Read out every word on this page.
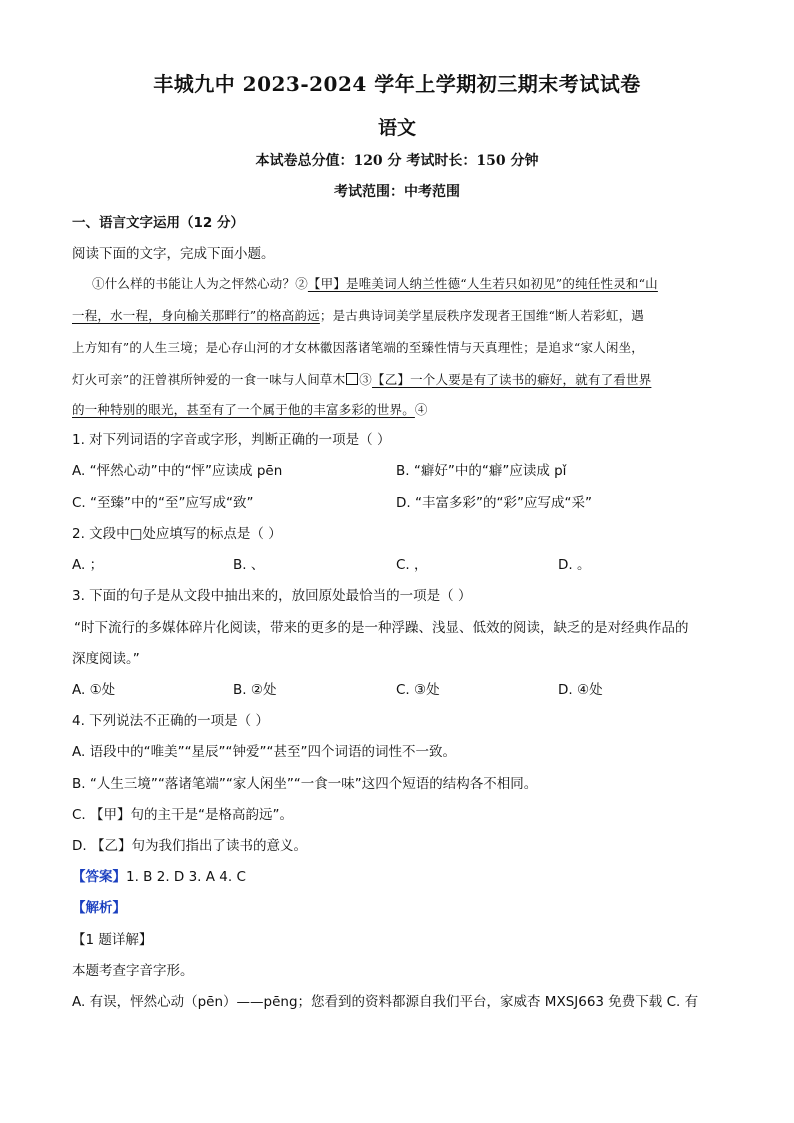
丰城九中 2023-2024 学年上学期初三期末考试试卷
语文
本试卷总分值：120 分 考试时长：150 分钟
考试范围：中考范围
一、语言文字运用（12 分）
阅读下面的文字，完成下面小题。
①什么样的书能让人为之怦然心动？②【甲】是唯美词人纳兰性德“人生若只如初见”的纯任性灵和“山
一程，水一程，身向榆关那畔行”的格高韵远；是古典诗词美学星辰秩序发现者王国维“断人若彩虹，遇
上方知有”的人生三境；是心存山河的才女林徽因落诸笔端的至臻性情与天真理性；是追求“家人闲坐，
灯火可亲”的汪曾祺所钟爱的一食一味与人间草木 ③【乙】一个人要是有了读书的癖好，就有了看世界
的一种特别的眼光，甚至有了一个属于他的丰富多彩的世界。④
1. 对下列词语的字音或字形，判断正确的一项是（ ）
A. “怦然心动”中的“怦”应读成 pēn	B. “癖好”中的“癖”应读成 pǐ
C. “至臻”中的“至”应写成“致”	D. “丰富多彩”的“彩”应写成“采”
2. 文段中□处应填写的标点是（ ）
A. ；	B. 、	C. ，	D. 。
3. 下面的句子是从文段中抽出来的，放回原处最恰当的一项是（ ）
“时下流行的多媒体碎片化阅读，带来的更多的是一种浮躁、浅显、低效的阅读，缺乏的是对经典作品的
深度阅读。”
A. ①处	B. ②处	C. ③处	D. ④处
4. 下列说法不正确的一项是（ ）
A. 语段中的“唯美”“星辰”“钟爱”“甚至”四个词语的词性不一致。
B. “人生三境”“落诸笔端”“家人闲坐”“一食一味”这四个短语的结构各不相同。
C. 【甲】句的主干是“是格高韵远”。
D. 【乙】句为我们指出了读书的意义。
【答案】1. B 2. D 3. A 4. C
【解析】
【1 题详解】
本题考查字音字形。
A. 有误，怦然心动（pēn）——pēng；您看到的资料都源自我们平台，家威杏 MXSJ663 免费下载 C. 有
